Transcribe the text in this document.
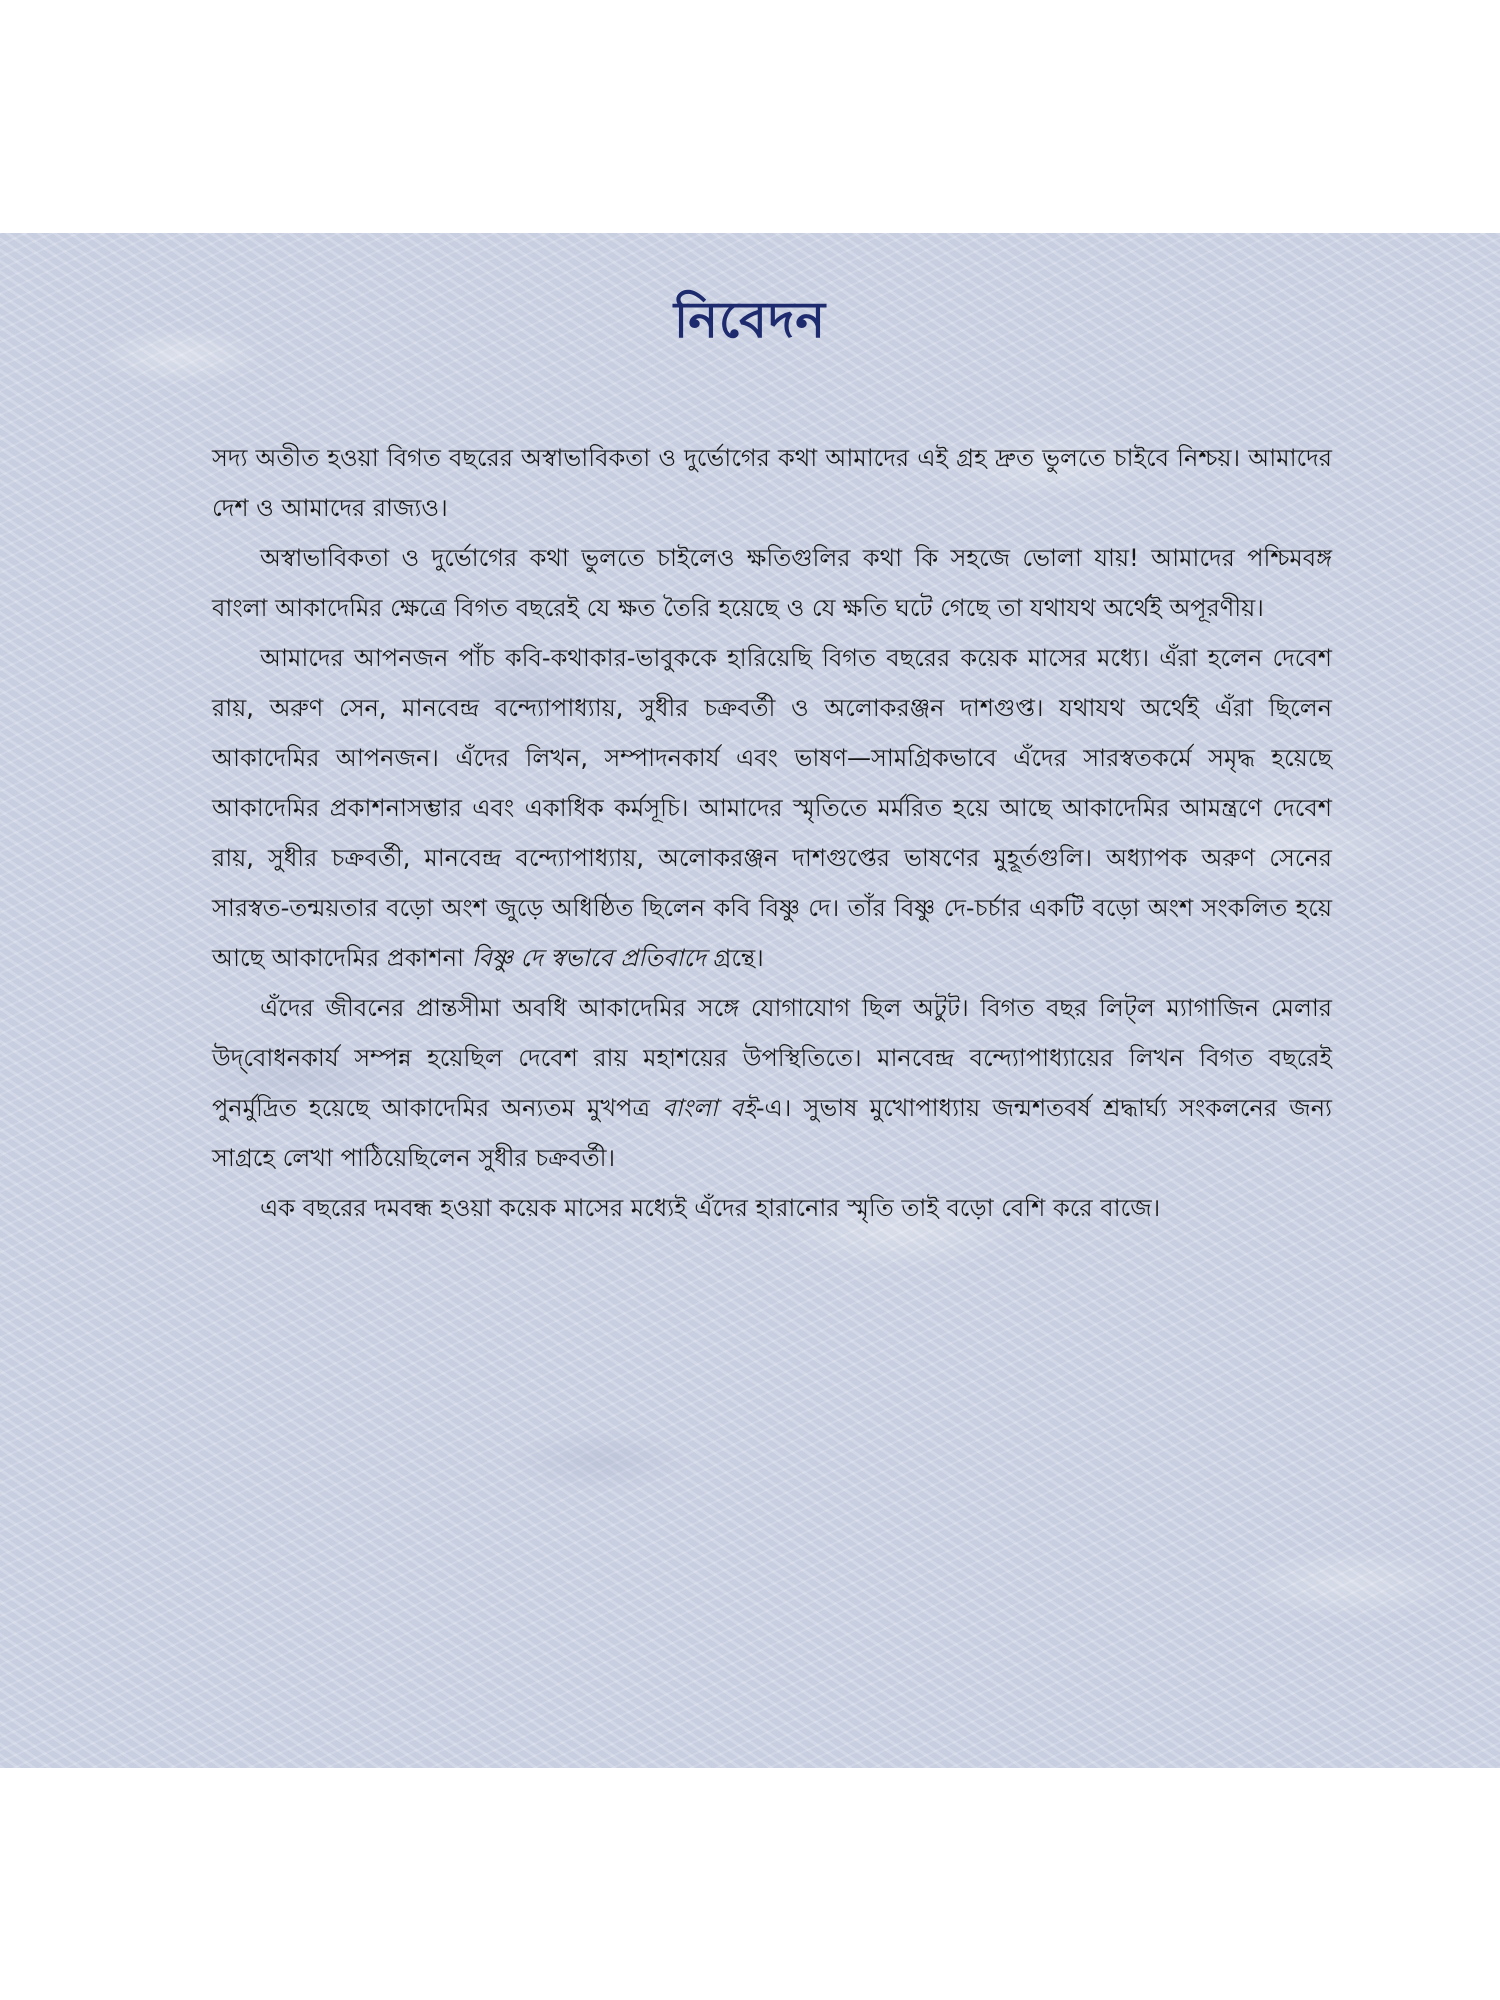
নিবেদন

সদ্য অতীত হওয়া বিগত বছরের অস্বাভাবিকতা ও দুর্ভোগের কথা আমাদের এই গ্রহ দ্রুত ভুলতে চাইবে নিশ্চয়। আমাদের দেশ ও আমাদের রাজ্যও।

অস্বাভাবিকতা ও দুর্ভোগের কথা ভুলতে চাইলেও ক্ষতিগুলির কথা কি সহজে ভোলা যায়! আমাদের পশ্চিমবঙ্গ বাংলা আকাদেমির ক্ষেত্রে বিগত বছরেই যে ক্ষত তৈরি হয়েছে ও যে ক্ষতি ঘটে গেছে তা যথাযথ অর্থেই অপূরণীয়।

আমাদের আপনজন পাঁচ কবি-কথাকার-ভাবুককে হারিয়েছি বিগত বছরের কয়েক মাসের মধ্যে। এঁরা হলেন দেবেশ রায়, অরুণ সেন, মানবেন্দ্র বন্দ্যোপাধ্যায়, সুধীর চক্রবর্তী ও অলোকরঞ্জন দাশগুপ্ত। যথাযথ অর্থেই এঁরা ছিলেন আকাদেমির আপনজন। এঁদের লিখন, সম্পাদনকার্য এবং ভাষণ—সামগ্রিকভাবে এঁদের সারস্বতকর্মে সমৃদ্ধ হয়েছে আকাদেমির প্রকাশনাসম্ভার এবং একাধিক কর্মসূচি। আমাদের স্মৃতিতে মর্মরিত হয়ে আছে আকাদেমির আমন্ত্রণে দেবেশ রায়, সুধীর চক্রবর্তী, মানবেন্দ্র বন্দ্যোপাধ্যায়, অলোকরঞ্জন দাশগুপ্তের ভাষণের মুহূর্তগুলি। অধ্যাপক অরুণ সেনের সারস্বত-তন্ময়তার বড়ো অংশ জুড়ে অধিষ্ঠিত ছিলেন কবি বিষ্ণু দে। তাঁর বিষ্ণু দে-চর্চার একটি বড়ো অংশ সংকলিত হয়ে আছে আকাদেমির প্রকাশনা বিষ্ণু দে স্বভাবে প্রতিবাদে গ্রন্থে।

এঁদের জীবনের প্রান্তসীমা অবধি আকাদেমির সঙ্গে যোগাযোগ ছিল অটুট। বিগত বছর লিট্‌ল ম্যাগাজিন মেলার উদ্‌বোধনকার্য সম্পন্ন হয়েছিল দেবেশ রায় মহাশয়ের উপস্থিতিতে। মানবেন্দ্র বন্দ্যোপাধ্যায়ের লিখন বিগত বছরেই পুনর্মুদ্রিত হয়েছে আকাদেমির অন্যতম মুখপত্র বাংলা বই-এ। সুভাষ মুখোপাধ্যায় জন্মশতবর্ষ শ্রদ্ধার্ঘ্য সংকলনের জন্য সাগ্রহে লেখা পাঠিয়েছিলেন সুধীর চক্রবর্তী।

এক বছরের দমবন্ধ হওয়া কয়েক মাসের মধ্যেই এঁদের হারানোর স্মৃতি তাই বড়ো বেশি করে বাজে।
